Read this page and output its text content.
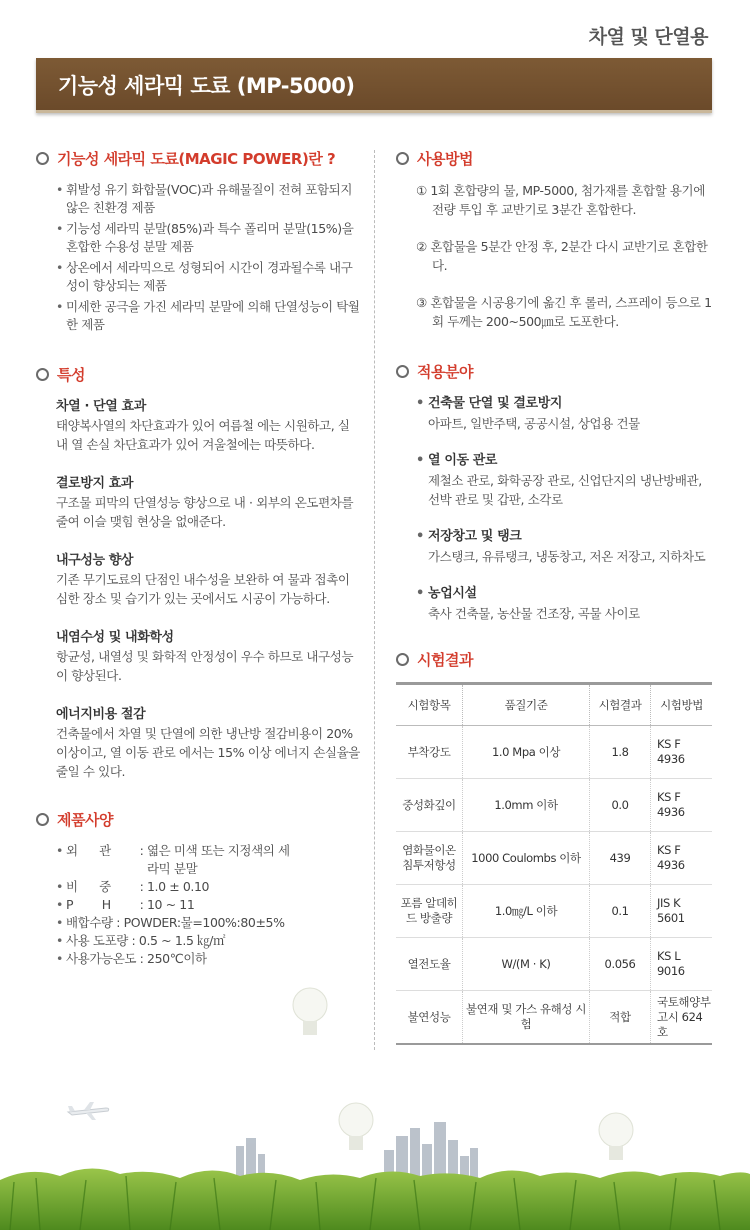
차열 및 단열용
기능성 세라믹 도료 (MP-5000)
기능성 세라믹 도료(MAGIC POWER)란 ?
• 휘발성 유기 화합물(VOC)과 유해물질이 전혀 포함되지 않은 친환경 제품
• 기능성 세라믹 분말(85%)과 특수 폴리머 분말(15%)을 혼합한 수용성 분말 제품
• 상온에서 세라믹으로 성형되어 시간이 경과될수록 내구성이 향상되는 제품
• 미세한 공극을 가진 세라믹 분말에 의해 단열성능이 탁월한 제품
특성
차열 · 단열 효과
태양복사열의 차단효과가 있어 여름철 에는 시원하고, 실내 열 손실 차단효과가 있어 겨울철에는 따뜻하다.
결로방지 효과
구조물 피막의 단열성능 향상으로 내 · 외부의 온도편차를 줄여 이슬 맺힘 현상을 없애준다.
내구성능 향상
기존 무기도료의 단점인 내수성을 보완하 여 물과 접촉이 심한 장소 및 습기가 있는 곳에서도 시공이 가능하다.
내염수성 및 내화학성
항균성, 내열성 및 화학적 안정성이 우수 하므로 내구성능이 향상된다.
에너지비용 절감
건축물에서 차열 및 단열에 의한 냉난방 절감비용이 20% 이상이고, 열 이동 관로 에서는 15% 이상 에너지 손실율을 줄일 수 있다.
제품사양
• 외      관	: 엷은 미색 또는 지정색의 세라믹 분말
• 비      중	: 1.0 ± 0.10
• P        H	: 10 ~ 11
• 배합수량 : POWDER:물=100%:80±5%
• 사용 도포량 : 0.5 ~ 1.5 ㎏/㎡
• 사용가능온도 : 250℃이하
사용방법

① 1회 혼합량의 물, MP-5000, 첨가재를 혼합할 용기에 전량 투입 후 교반기로 3분간 혼합한다.

② 혼합물을 5분간 안정 후, 2분간 다시 교반기로 혼합한다.

③ 혼합물을 시공용기에 옮긴 후 롤러, 스프레이 등으로 1회 두께는 200~500㎛로 도포한다.

적용분야
• 건축물 단열 및 결로방지
아파트, 일반주택, 공공시설, 상업용 건물
• 열 이동 관로
제철소 관로, 화학공장 관로, 신업단지의 냉난방배관, 선박 관로 및 갑판, 소각로
• 저장창고 및 탱크
가스탱크, 유류탱크, 냉동창고, 저온 저장고, 지하차도
• 농업시설
축사 건축물, 농산물 건조장, 곡물 사이로
시험결과
시험항목	품질기준	시험결과	시험방법
부착강도	1.0 Mpa 이상	1.8	KS F 4936
중성화깊이	1.0mm 이하	0.0	KS F 4936
염화물이온 침투저항성	1000 Coulombs 이하	439	KS F 4936
포름 알데히드 방출량	1.0㎎/L 이하	0.1	JIS K 5601
열전도율	W/(M · K)	0.056	KS L 9016
불연성능	불연재 및 가스 유해성 시험	적합	국토해양부 고시 624호
